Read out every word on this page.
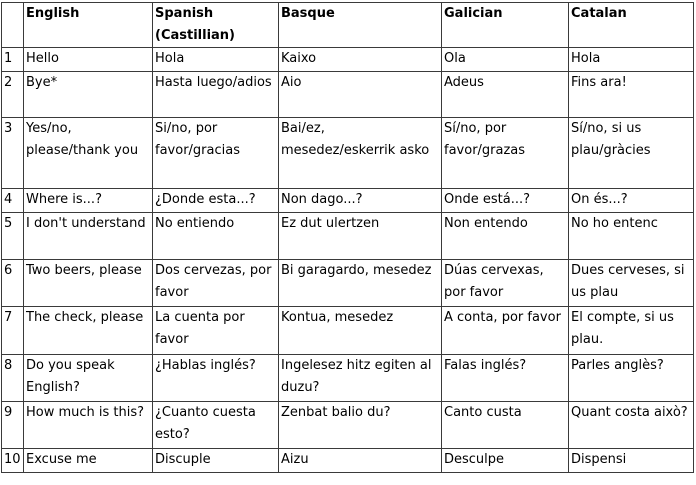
	English	Spanish (Castillian)	Basque	Galician	Catalan
1	Hello	Hola	Kaixo	Ola	Hola
2	Bye*	Hasta luego/adios	Aio	Adeus	Fins ara!
3	Yes/no, please/thank you	Si/no, por favor/gracias	Bai/ez, mesedez/eskerrik asko	Sí/no, por favor/grazas	Sí/no, si us plau/gràcies
4	Where is...?	¿Donde esta...?	Non dago...?	Onde está...?	On és...?
5	I don't understand	No entiendo	Ez dut ulertzen	Non entendo	No ho entenc
6	Two beers, please	Dos cervezas, por favor	Bi garagardo, mesedez	Dúas cervexas, por favor	Dues cerveses, si us plau
7	The check, please	La cuenta por favor	Kontua, mesedez	A conta, por favor	El compte, si us plau.
8	Do you speak English?	¿Hablas inglés?	Ingelesez hitz egiten al duzu?	Falas inglés?	Parles anglès?
9	How much is this?	¿Cuanto cuesta esto?	Zenbat balio du?	Canto custa	Quant costa això?
10	Excuse me	Discuple	Aizu	Desculpe	Dispensi
